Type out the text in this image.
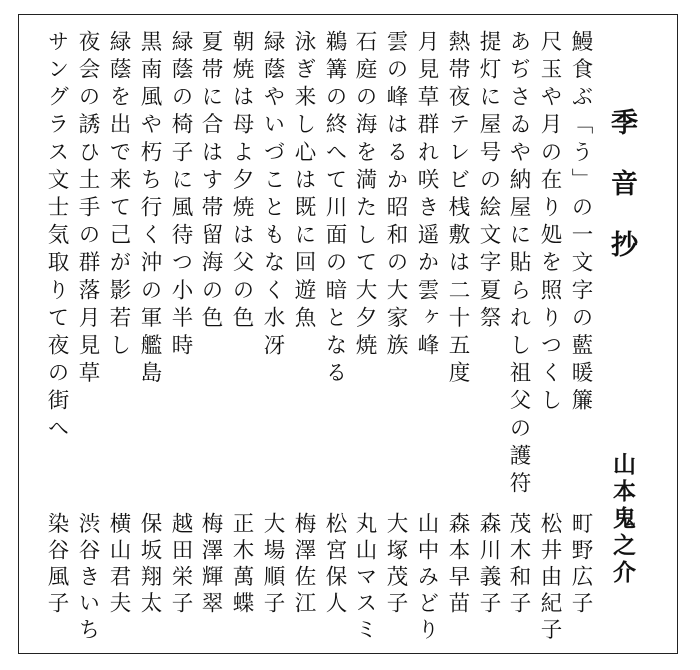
季音抄
山本鬼之介
鰻食ぶ「う」の一文字の藍暖簾
尺玉や月の在り処を照りつくし
あぢさゐや納屋に貼られし祖父の護符
提灯に屋号の絵文字夏祭
熱帯夜テレビ桟敷は二十五度
月見草群れ咲き遥か雲ヶ峰
雲の峰はるか昭和の大家族
石庭の海を満たして大夕焼
鵜篝の終へて川面の暗となる
泳ぎ来し心は既に回遊魚
緑蔭やいづこともなく水冴
朝焼は母よ夕焼は父の色
夏帯に合はす帯留海の色
緑蔭の椅子に風待つ小半時
黒南風や朽ち行く沖の軍艦島
緑蔭を出で来て己が影若し
夜会の誘ひ土手の群落月見草
サングラス文士気取りて夜の街へ
町野広子
松井由紀子
茂木和子
森川義子
森本早苗
山中みどり
大塚茂子
丸山マスミ
松宮保人
梅澤佐江
大場順子
正木萬蝶
梅澤輝翠
越田栄子
保坂翔太
横山君夫
渋谷きいち
染谷風子
